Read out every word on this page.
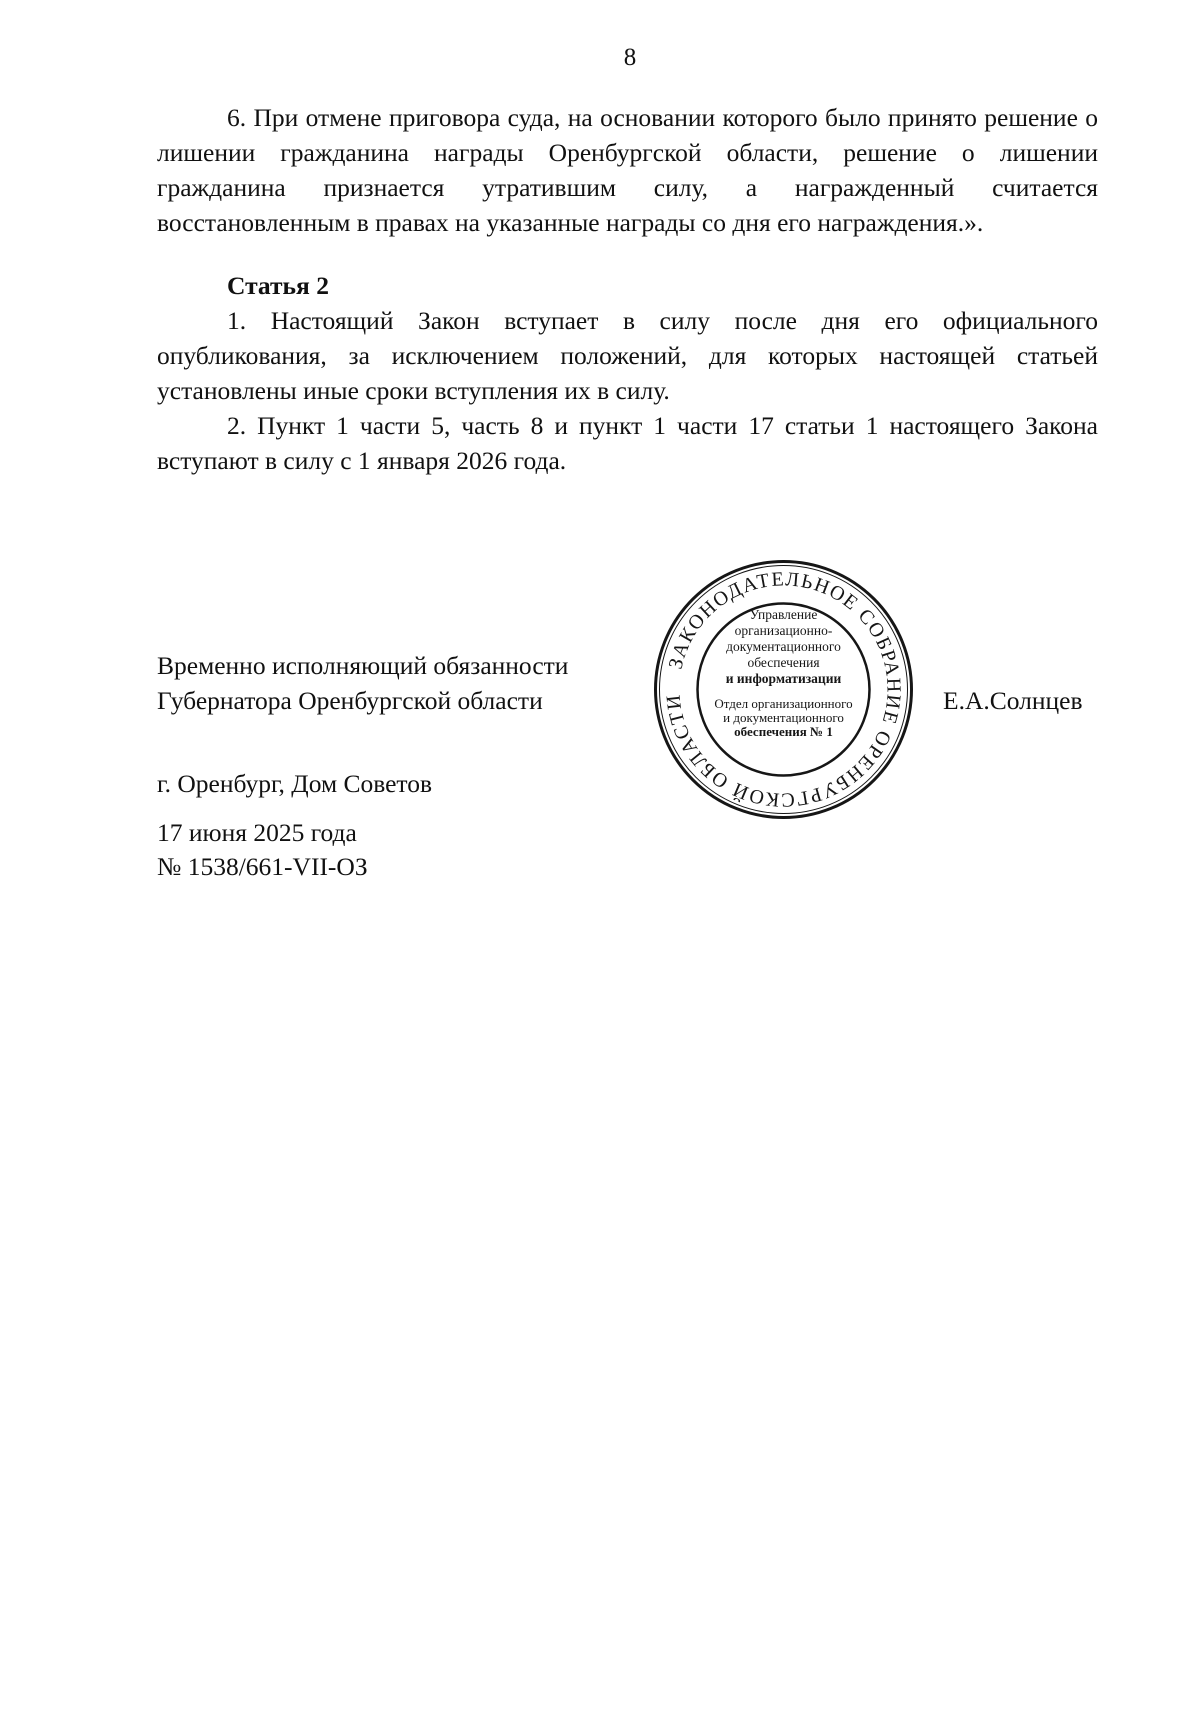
8

6. При отмене приговора суда, на основании которого было принято решение о лишении гражданина награды Оренбургской области, решение о лишении гражданина признается утратившим силу, а награжденный считается восстановленным в правах на указанные награды со дня его награждения.».

Статья 2

1. Настоящий Закон вступает в силу после дня его официального опубликования, за исключением положений, для которых настоящей статьей установлены иные сроки вступления их в силу.

2. Пункт 1 части 5, часть 8 и пункт 1 части 17 статьи 1 настоящего Закона вступают в силу с 1 января 2026 года.

Временно исполняющий обязанности
Губернатора Оренбургской области
ЗАКОНОДАТЕЛЬНОЕ СОБРАНИЕ ОРЕНБУРГСКОЙ ОБЛАСТИ
Управление
организационно-
документационного
обеспечения
и информатизации
Отдел организационного
и документационного
обеспечения № 1
Е.А.Солнцев
г. Оренбург, Дом Советов
17 июня 2025 года
№ 1538/661-VII-ОЗ
